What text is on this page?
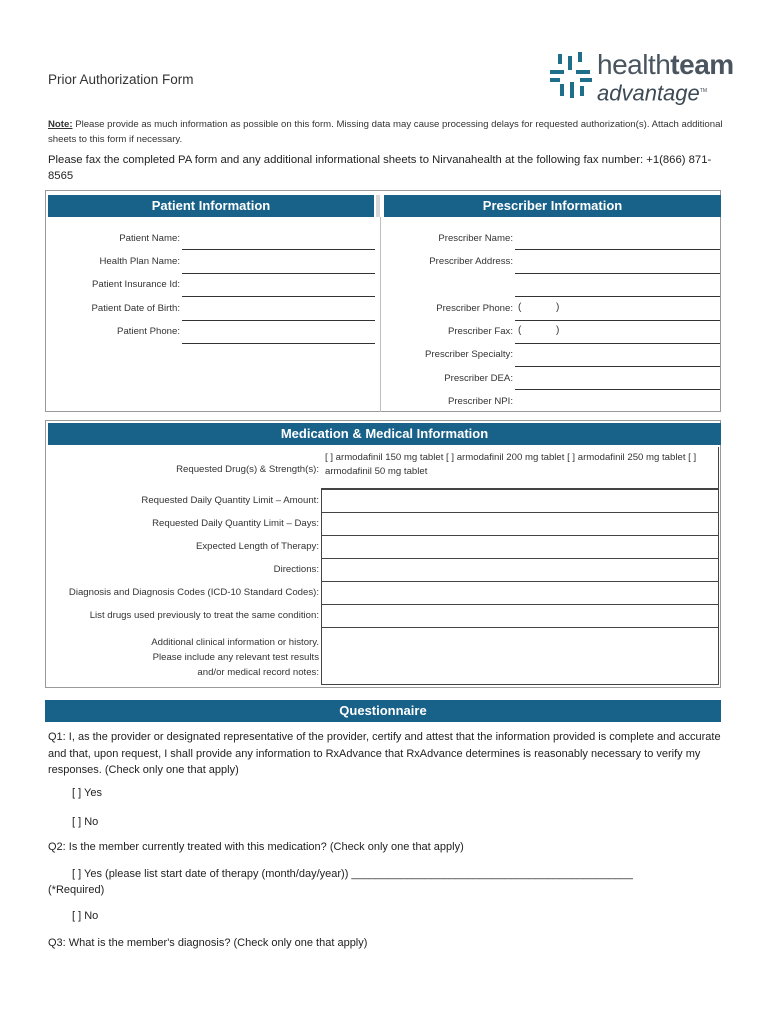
Prior Authorization Form
Note: Please provide as much information as possible on this form. Missing data may cause processing delays for requested authorization(s). Attach additional sheets to this form if necessary.
Please fax the completed PA form and any additional informational sheets to Nirvanahealth at the following fax number: +1(866) 871-8565
healthteam
advantage™
Patient Information	Prescriber Information
Patient Name:
Health Plan Name:
Patient Insurance Id:
Patient Date of Birth:
Patient Phone:
Prescriber Name:
Prescriber Address:
Prescriber Phone: (	)
Prescriber Fax: (	)
Prescriber Specialty:
Prescriber DEA:
Prescriber NPI:
Medication & Medical Information
Requested Drug(s) & Strength(s):
[ ] armodafinil 150 mg tablet [ ] armodafinil 200 mg tablet [ ] armodafinil 250 mg tablet [ ] armodafinil 50 mg tablet
Requested Daily Quantity Limit – Amount:
Requested Daily Quantity Limit – Days:
Expected Length of Therapy:
Directions:
Diagnosis and Diagnosis Codes (ICD-10 Standard Codes):
List drugs used previously to treat the same condition:
Additional clinical information or history.
Please include any relevant test results
and/or medical record notes:
Questionnaire
Q1: I, as the provider or designated representative of the provider, certify and attest that the information provided is complete and accurate and that, upon request, I shall provide any information to RxAdvance that RxAdvance determines is reasonably necessary to verify my responses. (Check only one that apply)
[ ] Yes
[ ] No
Q2: Is the member currently treated with this medication? (Check only one that apply)
[ ] Yes (please list start date of therapy (month/day/year)) ______________________________________________
(*Required)
[ ] No
Q3: What is the member's diagnosis? (Check only one that apply)
